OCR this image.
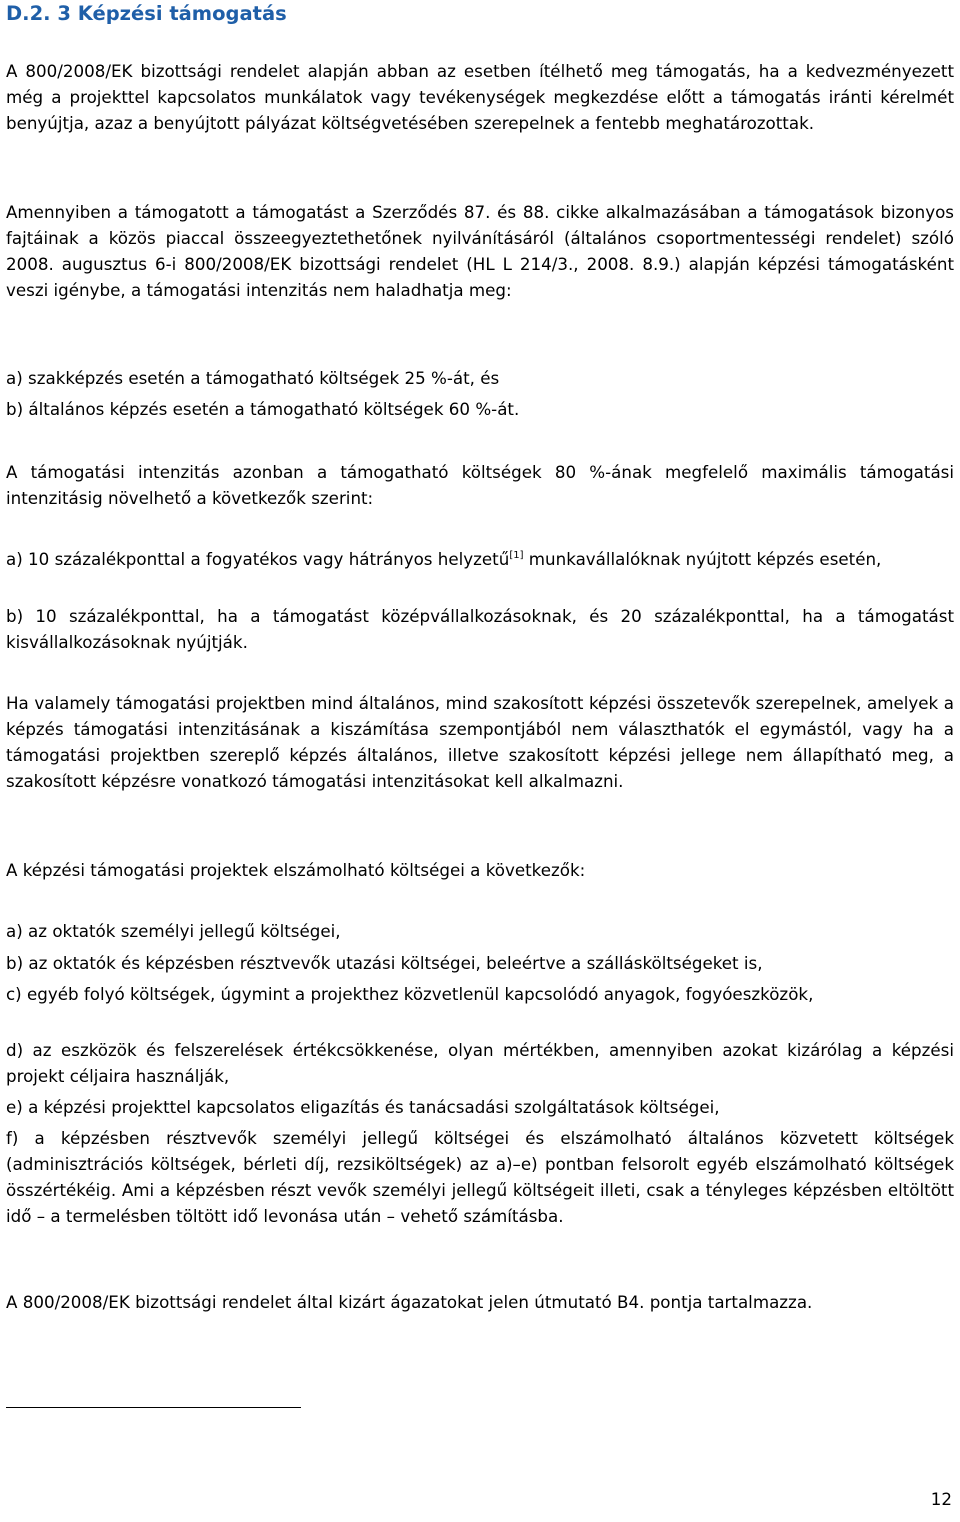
D.2. 3 Képzési támogatás

A 800/2008/EK bizottsági rendelet alapján abban az esetben ítélhető meg támogatás, ha a kedvezményezett még a projekttel kapcsolatos munkálatok vagy tevékenységek megkezdése előtt a támogatás iránti kérelmét benyújtja, azaz a benyújtott pályázat költségvetésében szerepelnek a fentebb meghatározottak.

Amennyiben a támogatott a támogatást a Szerződés 87. és 88. cikke alkalmazásában a támogatások bizonyos fajtáinak a közös piaccal összeegyeztethetőnek nyilvánításáról (általános csoportmentességi rendelet) szóló 2008. augusztus 6-i 800/2008/EK bizottsági rendelet (HL L 214/3., 2008. 8.9.) alapján képzési támogatásként veszi igénybe, a támogatási intenzitás nem haladhatja meg:

a) szakképzés esetén a támogatható költségek 25 %-át, és

b) általános képzés esetén a támogatható költségek 60 %-át.

A támogatási intenzitás azonban a támogatható költségek 80 %-ának megfelelő maximális támogatási intenzitásig növelhető a következők szerint:

a) 10 százalékponttal a fogyatékos vagy hátrányos helyzetű[1] munkavállalóknak nyújtott képzés esetén,

b) 10 százalékponttal, ha a támogatást középvállalkozásoknak, és 20 százalékponttal, ha a támogatást kisvállalkozásoknak nyújtják.

Ha valamely támogatási projektben mind általános, mind szakosított képzési összetevők szerepelnek, amelyek a képzés támogatási intenzitásának a kiszámítása szempontjából nem választhatók el egymástól, vagy ha a támogatási projektben szereplő képzés általános, illetve szakosított képzési jellege nem állapítható meg, a szakosított képzésre vonatkozó támogatási intenzitásokat kell alkalmazni.

A képzési támogatási projektek elszámolható költségei a következők:

a) az oktatók személyi jellegű költségei,

b) az oktatók és képzésben résztvevők utazási költségei, beleértve a szállásköltségeket is,

c) egyéb folyó költségek, úgymint a projekthez közvetlenül kapcsolódó anyagok, fogyóeszközök,

d) az eszközök és felszerelések értékcsökkenése, olyan mértékben, amennyiben azokat kizárólag a képzési projekt céljaira használják,

e) a képzési projekttel kapcsolatos eligazítás és tanácsadási szolgáltatások költségei,

f) a képzésben résztvevők személyi jellegű költségei és elszámolható általános közvetett költségek (adminisztrációs költségek, bérleti díj, rezsiköltségek) az a)–e) pontban felsorolt egyéb elszámolható költségek összértékéig. Ami a képzésben részt vevők személyi jellegű költségeit illeti, csak a tényleges képzésben eltöltött idő – a termelésben töltött idő levonása után – vehető számításba.

A 800/2008/EK bizottsági rendelet által kizárt ágazatokat jelen útmutató B4. pontja tartalmazza.

12
